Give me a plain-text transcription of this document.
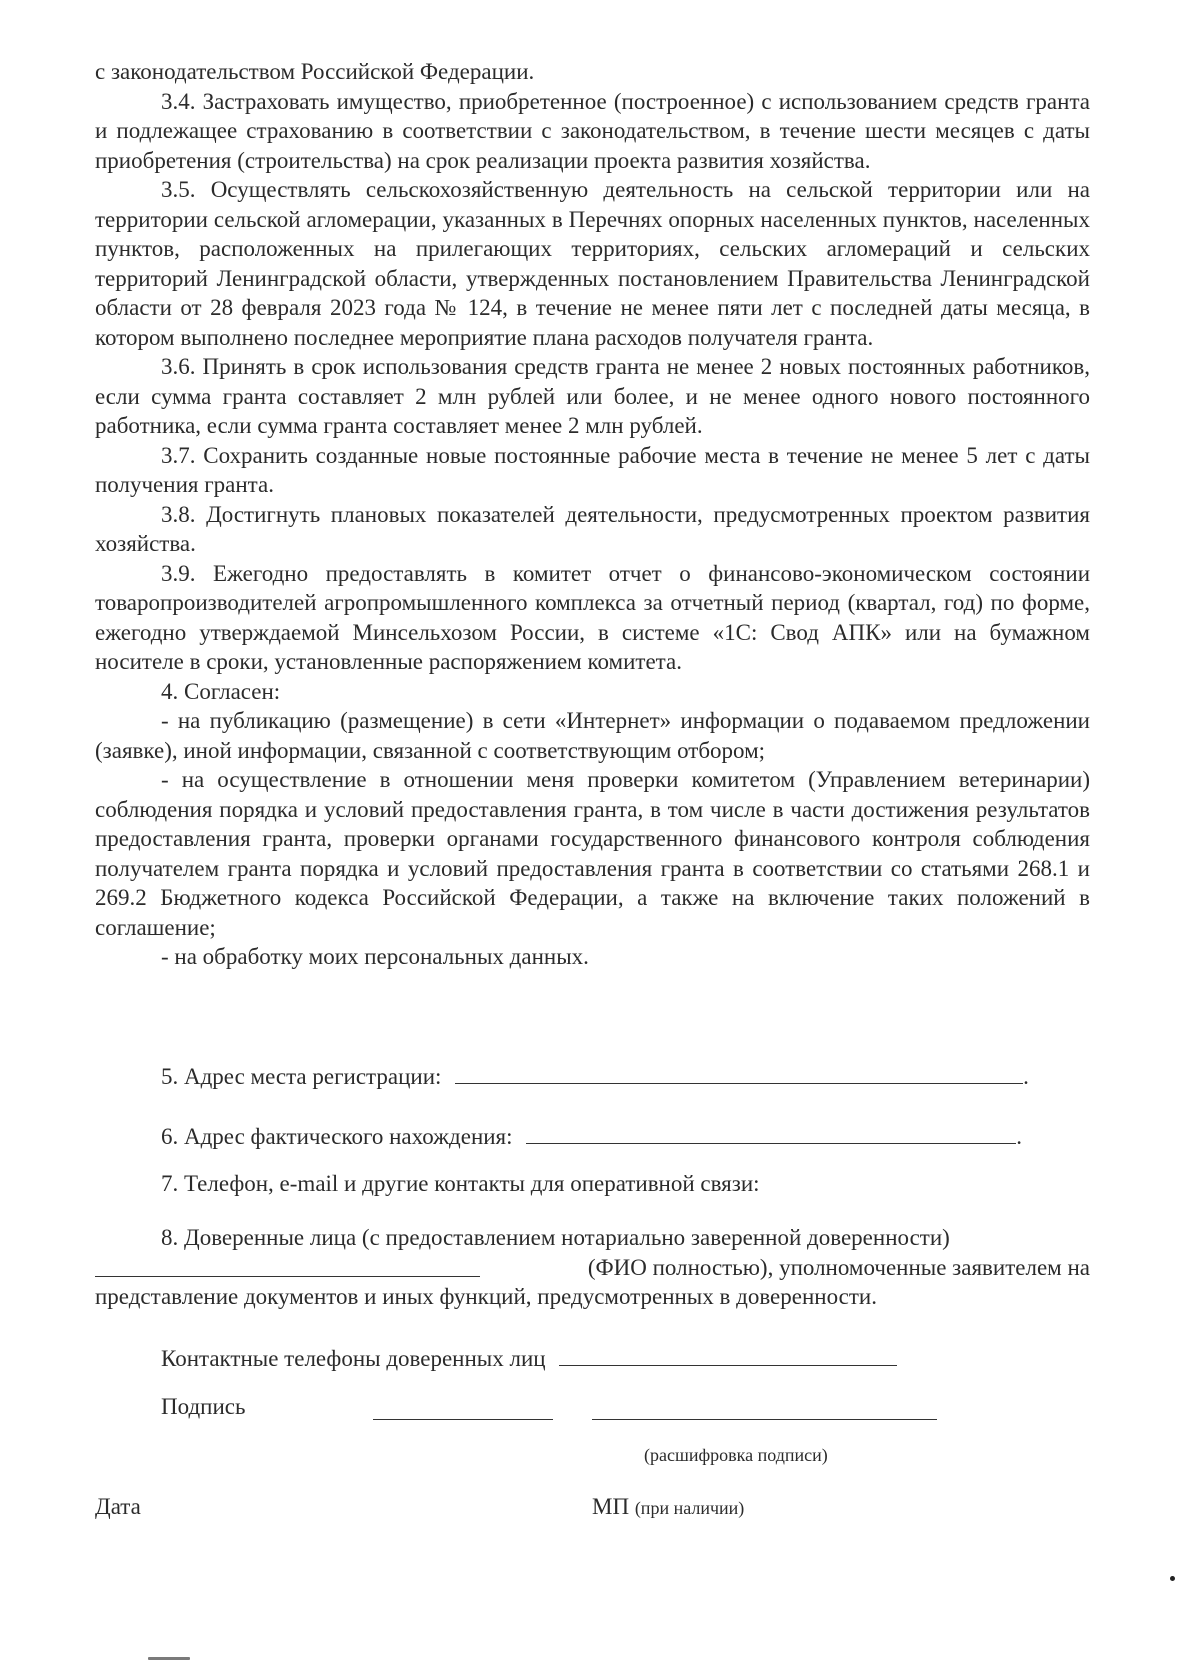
с законодательством Российской Федерации.

3.4. Застраховать имущество, приобретенное (построенное) с использованием средств гранта и подлежащее страхованию в соответствии с законодательством, в течение шести месяцев с даты приобретения (строительства) на срок реализации проекта развития хозяйства.

3.5. Осуществлять сельскохозяйственную деятельность на сельской территории или на территории сельской агломерации, указанных в Перечнях опорных населенных пунктов, населенных пунктов, расположенных на прилегающих территориях, сельских агломераций и сельских территорий Ленинградской области, утвержденных постановлением Правительства Ленинградской области от 28 февраля 2023 года № 124, в течение не менее пяти лет с последней даты месяца, в котором выполнено последнее мероприятие плана расходов получателя гранта.

3.6. Принять в срок использования средств гранта не менее 2 новых постоянных работников, если сумма гранта составляет 2 млн рублей или более, и не менее одного нового постоянного работника, если сумма гранта составляет менее 2 млн рублей.

3.7. Сохранить созданные новые постоянные рабочие места в течение не менее 5 лет с даты получения гранта.

3.8. Достигнуть плановых показателей деятельности, предусмотренных проектом развития хозяйства.

3.9. Ежегодно предоставлять в комитет отчет о финансово-экономическом состоянии товаропроизводителей агропромышленного комплекса за отчетный период (квартал, год) по форме, ежегодно утверждаемой Минсельхозом России, в системе «1С: Свод АПК» или на бумажном носителе в сроки, установленные распоряжением комитета.

4. Согласен:

- на публикацию (размещение) в сети «Интернет» информации о подаваемом предложении (заявке), иной информации, связанной с соответствующим отбором;

- на осуществление в отношении меня проверки комитетом (Управлением ветеринарии) соблюдения порядка и условий предоставления гранта, в том числе в части достижения результатов предоставления гранта, проверки органами государственного финансового контроля соблюдения получателем гранта порядка и условий предоставления гранта в соответствии со статьями 268.1 и 269.2 Бюджетного кодекса Российской Федерации, а также на включение таких положений в соглашение;

- на обработку моих персональных данных.

5. Адрес места регистрации:	.
6. Адрес фактического нахождения:	.
7. Телефон, e-mail и другие контакты для оперативной связи:
8. Доверенные лица (с предоставлением нотариально заверенной доверенности)
(ФИО полностью), уполномоченные заявителем на
представление документов и иных функций, предусмотренных в доверенности.
Контактные телефоны доверенных лиц
Подпись
(расшифровка подписи)
Дата	МП (при наличии)
